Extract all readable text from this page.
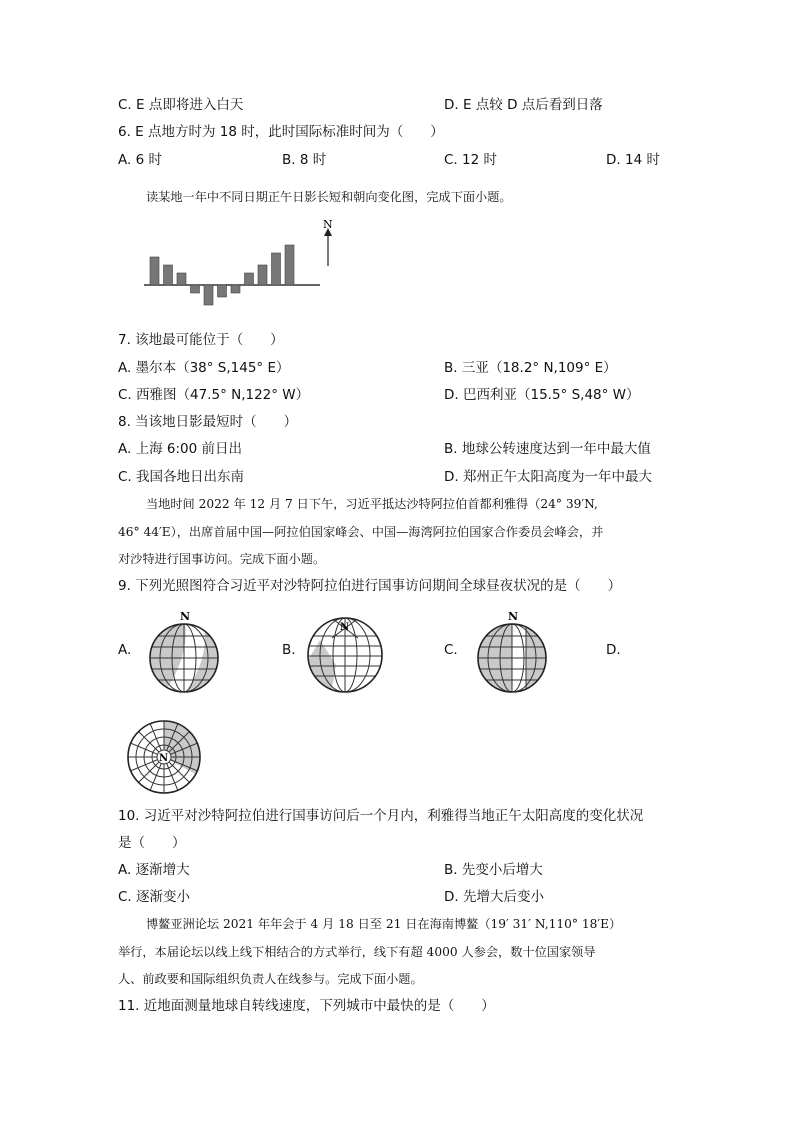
C. E 点即将进入白天	D. E 点较 D 点后看到日落
6. E 点地方时为 18 时，此时国际标准时间为（　　）
A. 6 时	B. 8 时	C. 12 时	D. 14 时
读某地一年中不同日期正午日影长短和朝向变化图，完成下面小题。
N
7. 该地最可能位于（　　）
A. 墨尔本（38° S,145° E）	B. 三亚（18.2° N,109° E）
C. 西雅图（47.5° N,122° W）	D. 巴西利亚（15.5° S,48° W）
8. 当该地日影最短时（　　）
A. 上海 6:00 前日出	B. 地球公转速度达到一年中最大值
C. 我国各地日出东南	D. 郑州正午太阳高度为一年中最大
当地时间 2022 年 12 月 7 日下午，习近平抵达沙特阿拉伯首都利雅得（24° 39′N,
46° 44′E），出席首届中国—阿拉伯国家峰会、中国—海湾阿拉伯国家合作委员会峰会，并
对沙特进行国事访问。完成下面小题。
9. 下列光照图符合习近平对沙特阿拉伯进行国事访问期间全球昼夜状况的是（　　）
A.	B.	C.	D.
N
N
N
N
10. 习近平对沙特阿拉伯进行国事访问后一个月内，利雅得当地正午太阳高度的变化状况
是（　　）
A. 逐渐增大	B. 先变小后增大
C. 逐渐变小	D. 先增大后变小
博鳌亚洲论坛 2021 年年会于 4 月 18 日至 21 日在海南博鳌（19′ 31′ N,110° 18′E）
举行，本届论坛以线上线下相结合的方式举行，线下有超 4000 人参会，数十位国家领导
人、前政要和国际组织负责人在线参与。完成下面小题。
11. 近地面测量地球自转线速度，下列城市中最快的是（　　）
